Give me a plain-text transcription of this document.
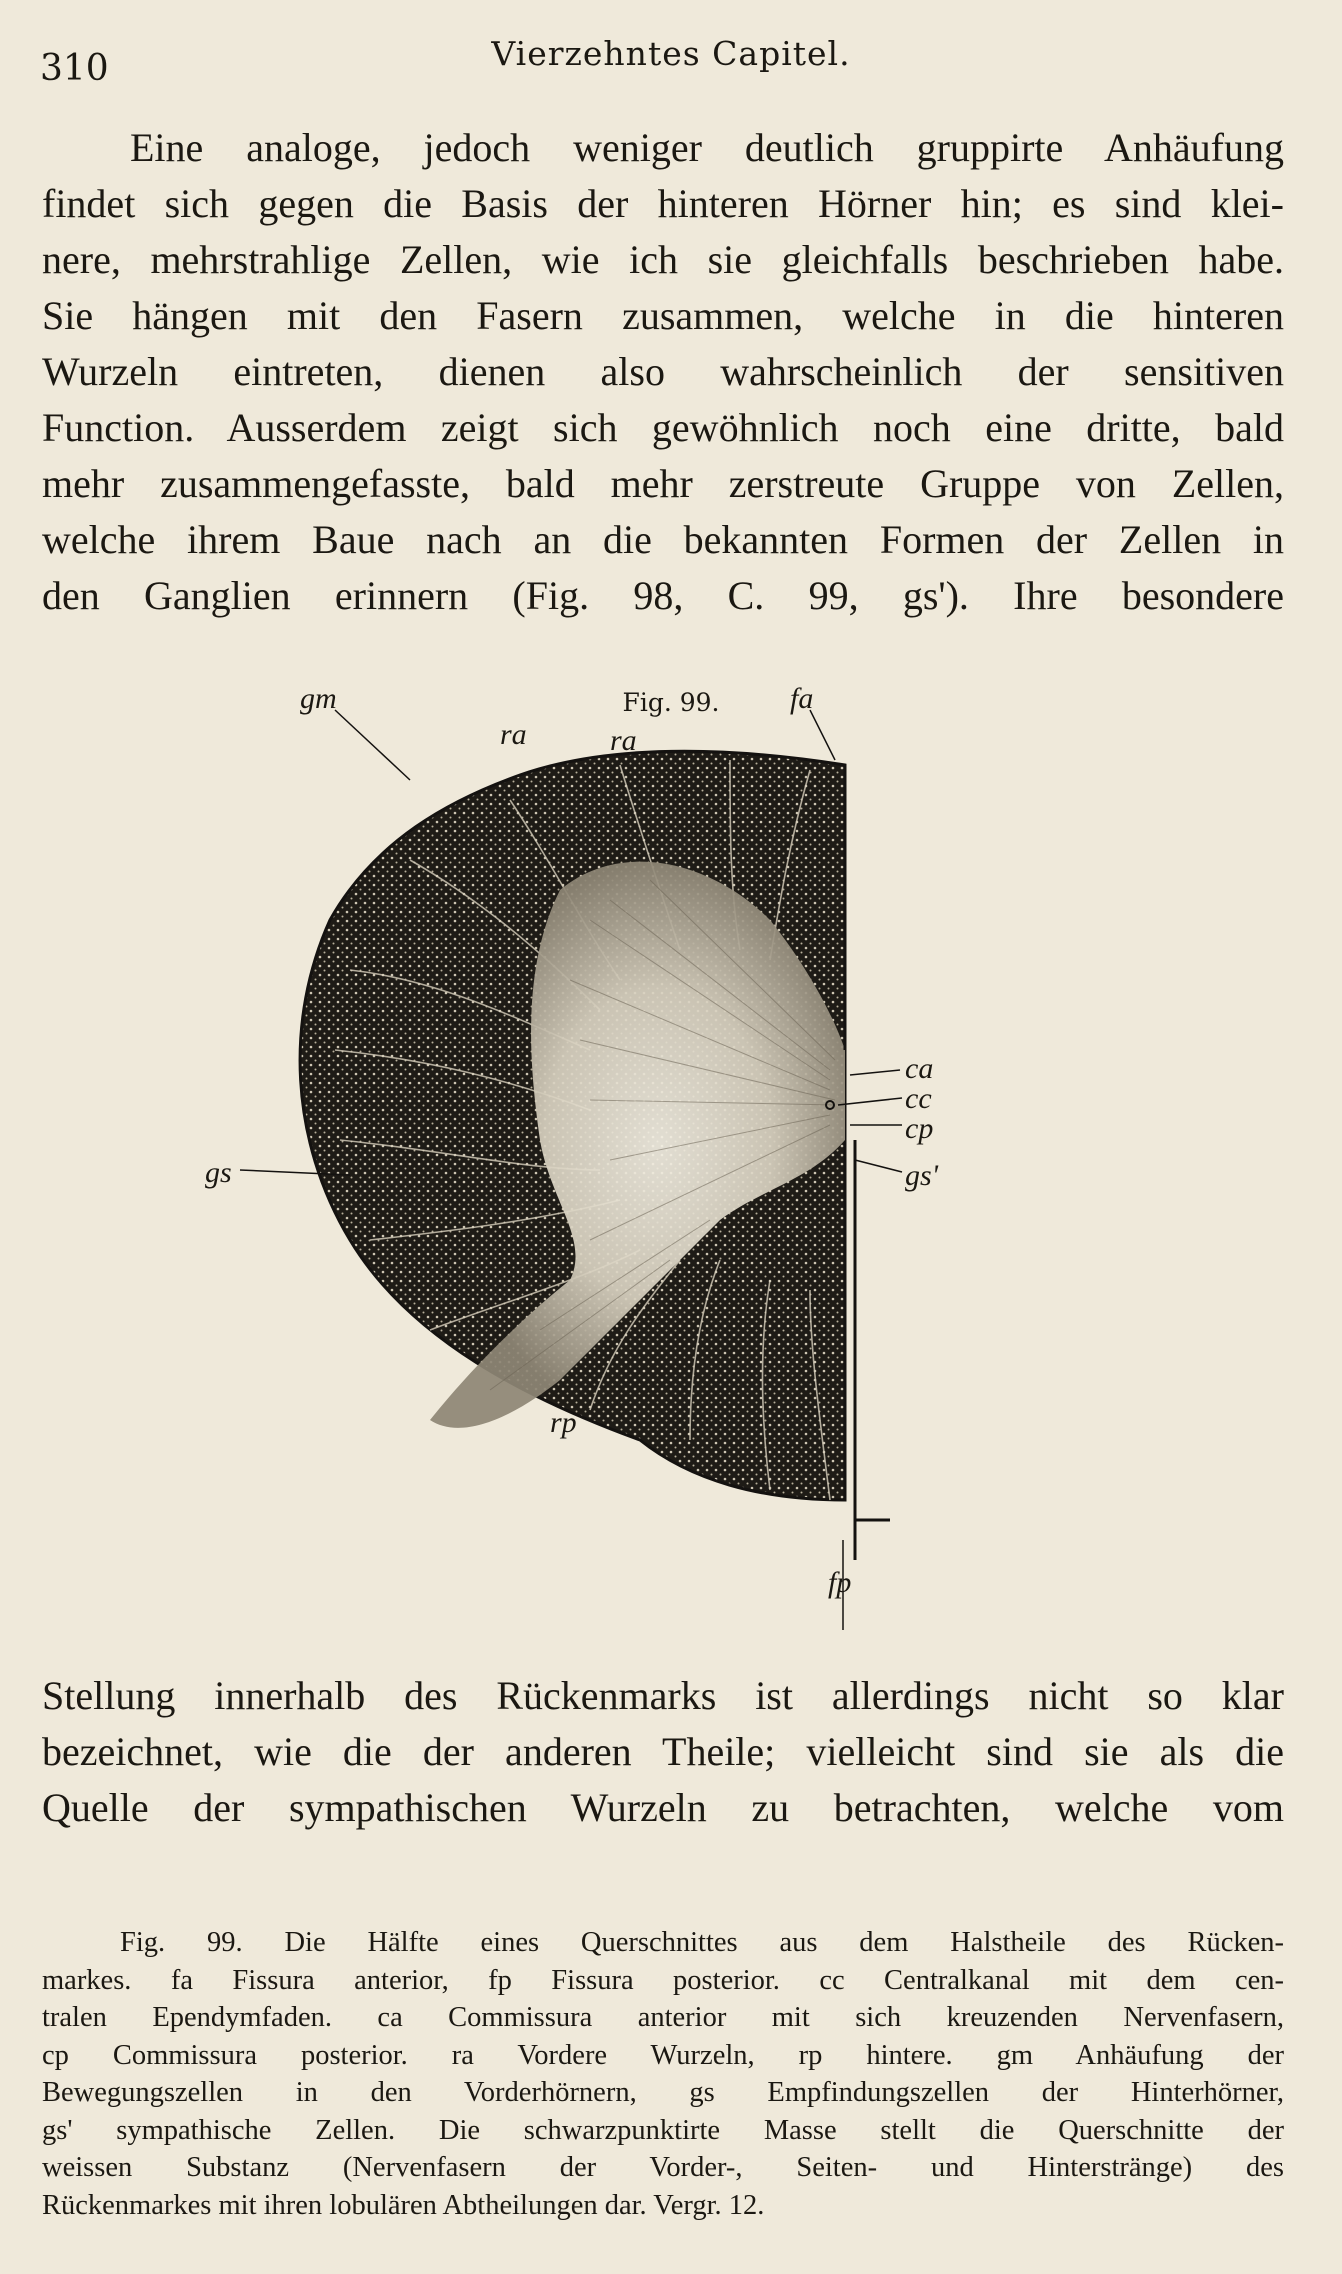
310	Vierzehntes Capitel.
Eine analoge, jedoch weniger deutlich gruppirte Anhäufung
findet sich gegen die Basis der hinteren Hörner hin; es sind klei-
nere, mehrstrahlige Zellen, wie ich sie gleichfalls beschrieben habe.
Sie hängen mit den Fasern zusammen, welche in die hinteren
Wurzeln eintreten, dienen also wahrscheinlich der sensitiven
Function. Ausserdem zeigt sich gewöhnlich noch eine dritte, bald
mehr zusammengefasste, bald mehr zerstreute Gruppe von Zellen,
welche ihrem Baue nach an die bekannten Formen der Zellen in
den Ganglien erinnern (Fig. 98, C. 99, gs'). Ihre besondere
Fig. 99.
gm
ra	ra
fa
ca
cc
cp
gs	gs'
rp
fp
Stellung innerhalb des Rückenmarks ist allerdings nicht so klar
bezeichnet, wie die der anderen Theile; vielleicht sind sie als die
Quelle der sympathischen Wurzeln zu betrachten, welche vom
Fig. 99. Die Hälfte eines Querschnittes aus dem Halstheile des Rücken-
markes. fa Fissura anterior, fp Fissura posterior. cc Centralkanal mit dem cen-
tralen Ependymfaden. ca Commissura anterior mit sich kreuzenden Nervenfasern,
cp Commissura posterior. ra Vordere Wurzeln, rp hintere. gm Anhäufung der
Bewegungszellen in den Vorderhörnern, gs Empfindungszellen der Hinterhörner,
gs' sympathische Zellen. Die schwarzpunktirte Masse stellt die Querschnitte der
weissen Substanz (Nervenfasern der Vorder-, Seiten- und Hinterstränge) des
Rückenmarkes mit ihren lobulären Abtheilungen dar. Vergr. 12.
